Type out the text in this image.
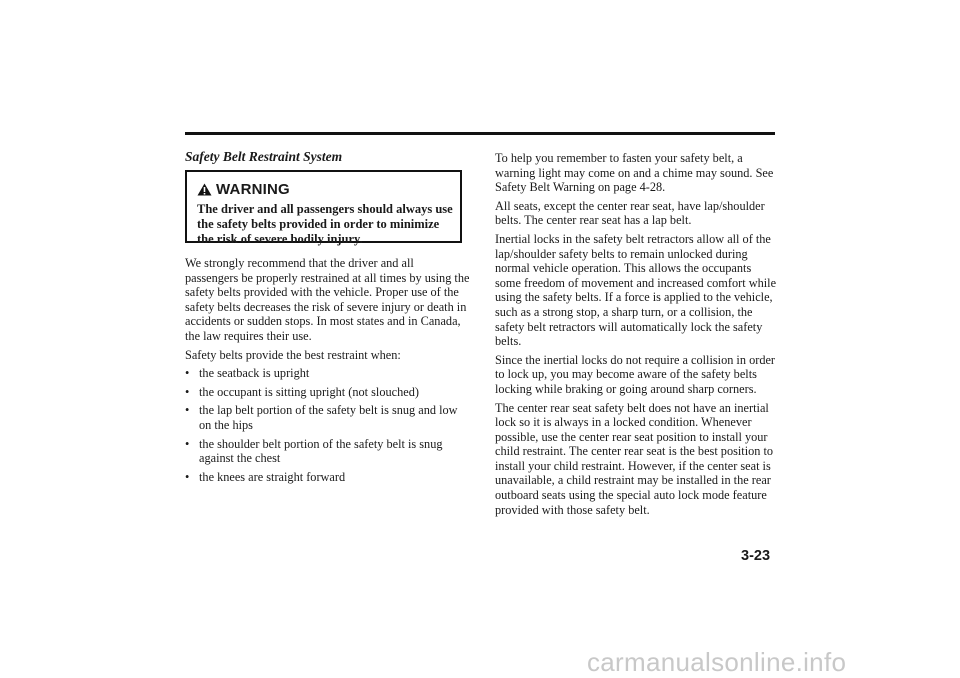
Safety Belt Restraint System
WARNING
The driver and all passengers should always use the safety belts provided in order to minimize the risk of severe bodily injury.

We strongly recommend that the driver and all passengers be properly restrained at all times by using the safety belts provided with the vehicle. Proper use of the safety belts decreases the risk of severe injury or death in accidents or sudden stops. In most states and in Canada, the law requires their use.

Safety belts provide the best restraint when:

• the seatback is upright
• the occupant is sitting upright (not slouched)
• the lap belt portion of the safety belt is snug and low on the hips
• the shoulder belt portion of the safety belt is snug against the chest
• the knees are straight forward

To help you remember to fasten your safety belt, a warning light may come on and a chime may sound. See Safety Belt Warning on page 4-28.

All seats, except the center rear seat, have lap/shoulder belts. The center rear seat has a lap belt.

Inertial locks in the safety belt retractors allow all of the lap/shoulder safety belts to remain unlocked during normal vehicle operation. This allows the occupants some freedom of movement and increased comfort while using the safety belts. If a force is applied to the vehicle, such as a strong stop, a sharp turn, or a collision, the safety belt retractors will automatically lock the safety belts.

Since the inertial locks do not require a collision in order to lock up, you may become aware of the safety belts locking while braking or going around sharp corners.

The center rear seat safety belt does not have an inertial lock so it is always in a locked condition. Whenever possible, use the center rear seat position to install your child restraint. The center rear seat is the best position to install your child restraint. However, if the center seat is unavailable, a child restraint may be installed in the rear outboard seats using the special auto lock mode feature provided with those safety belt.

3-23
carmanualsonline.info
